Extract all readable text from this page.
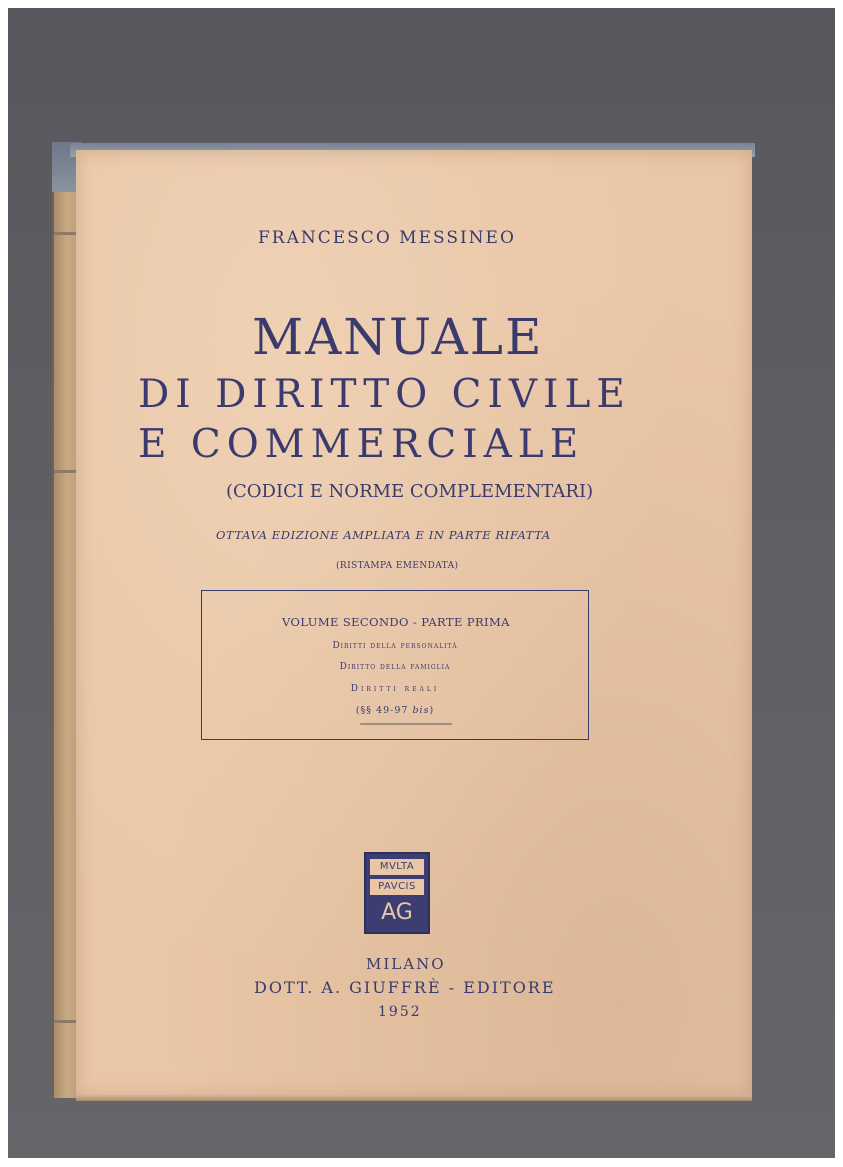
FRANCESCO MESSINEO
MANUALE
DI DIRITTO CIVILE
E COMMERCIALE
(CODICI E NORME COMPLEMENTARI)
OTTAVA EDIZIONE AMPLIATA E IN PARTE RIFATTA
(RISTAMPA EMENDATA)
VOLUME SECONDO - PARTE PRIMA
Diritti della personalità
Diritto della famiglia
Diritti reali
(§§ 49-97 bis)
MVLTA
PAVCIS
AG
MILANO
DOTT. A. GIUFFRÈ - EDITORE
1952
